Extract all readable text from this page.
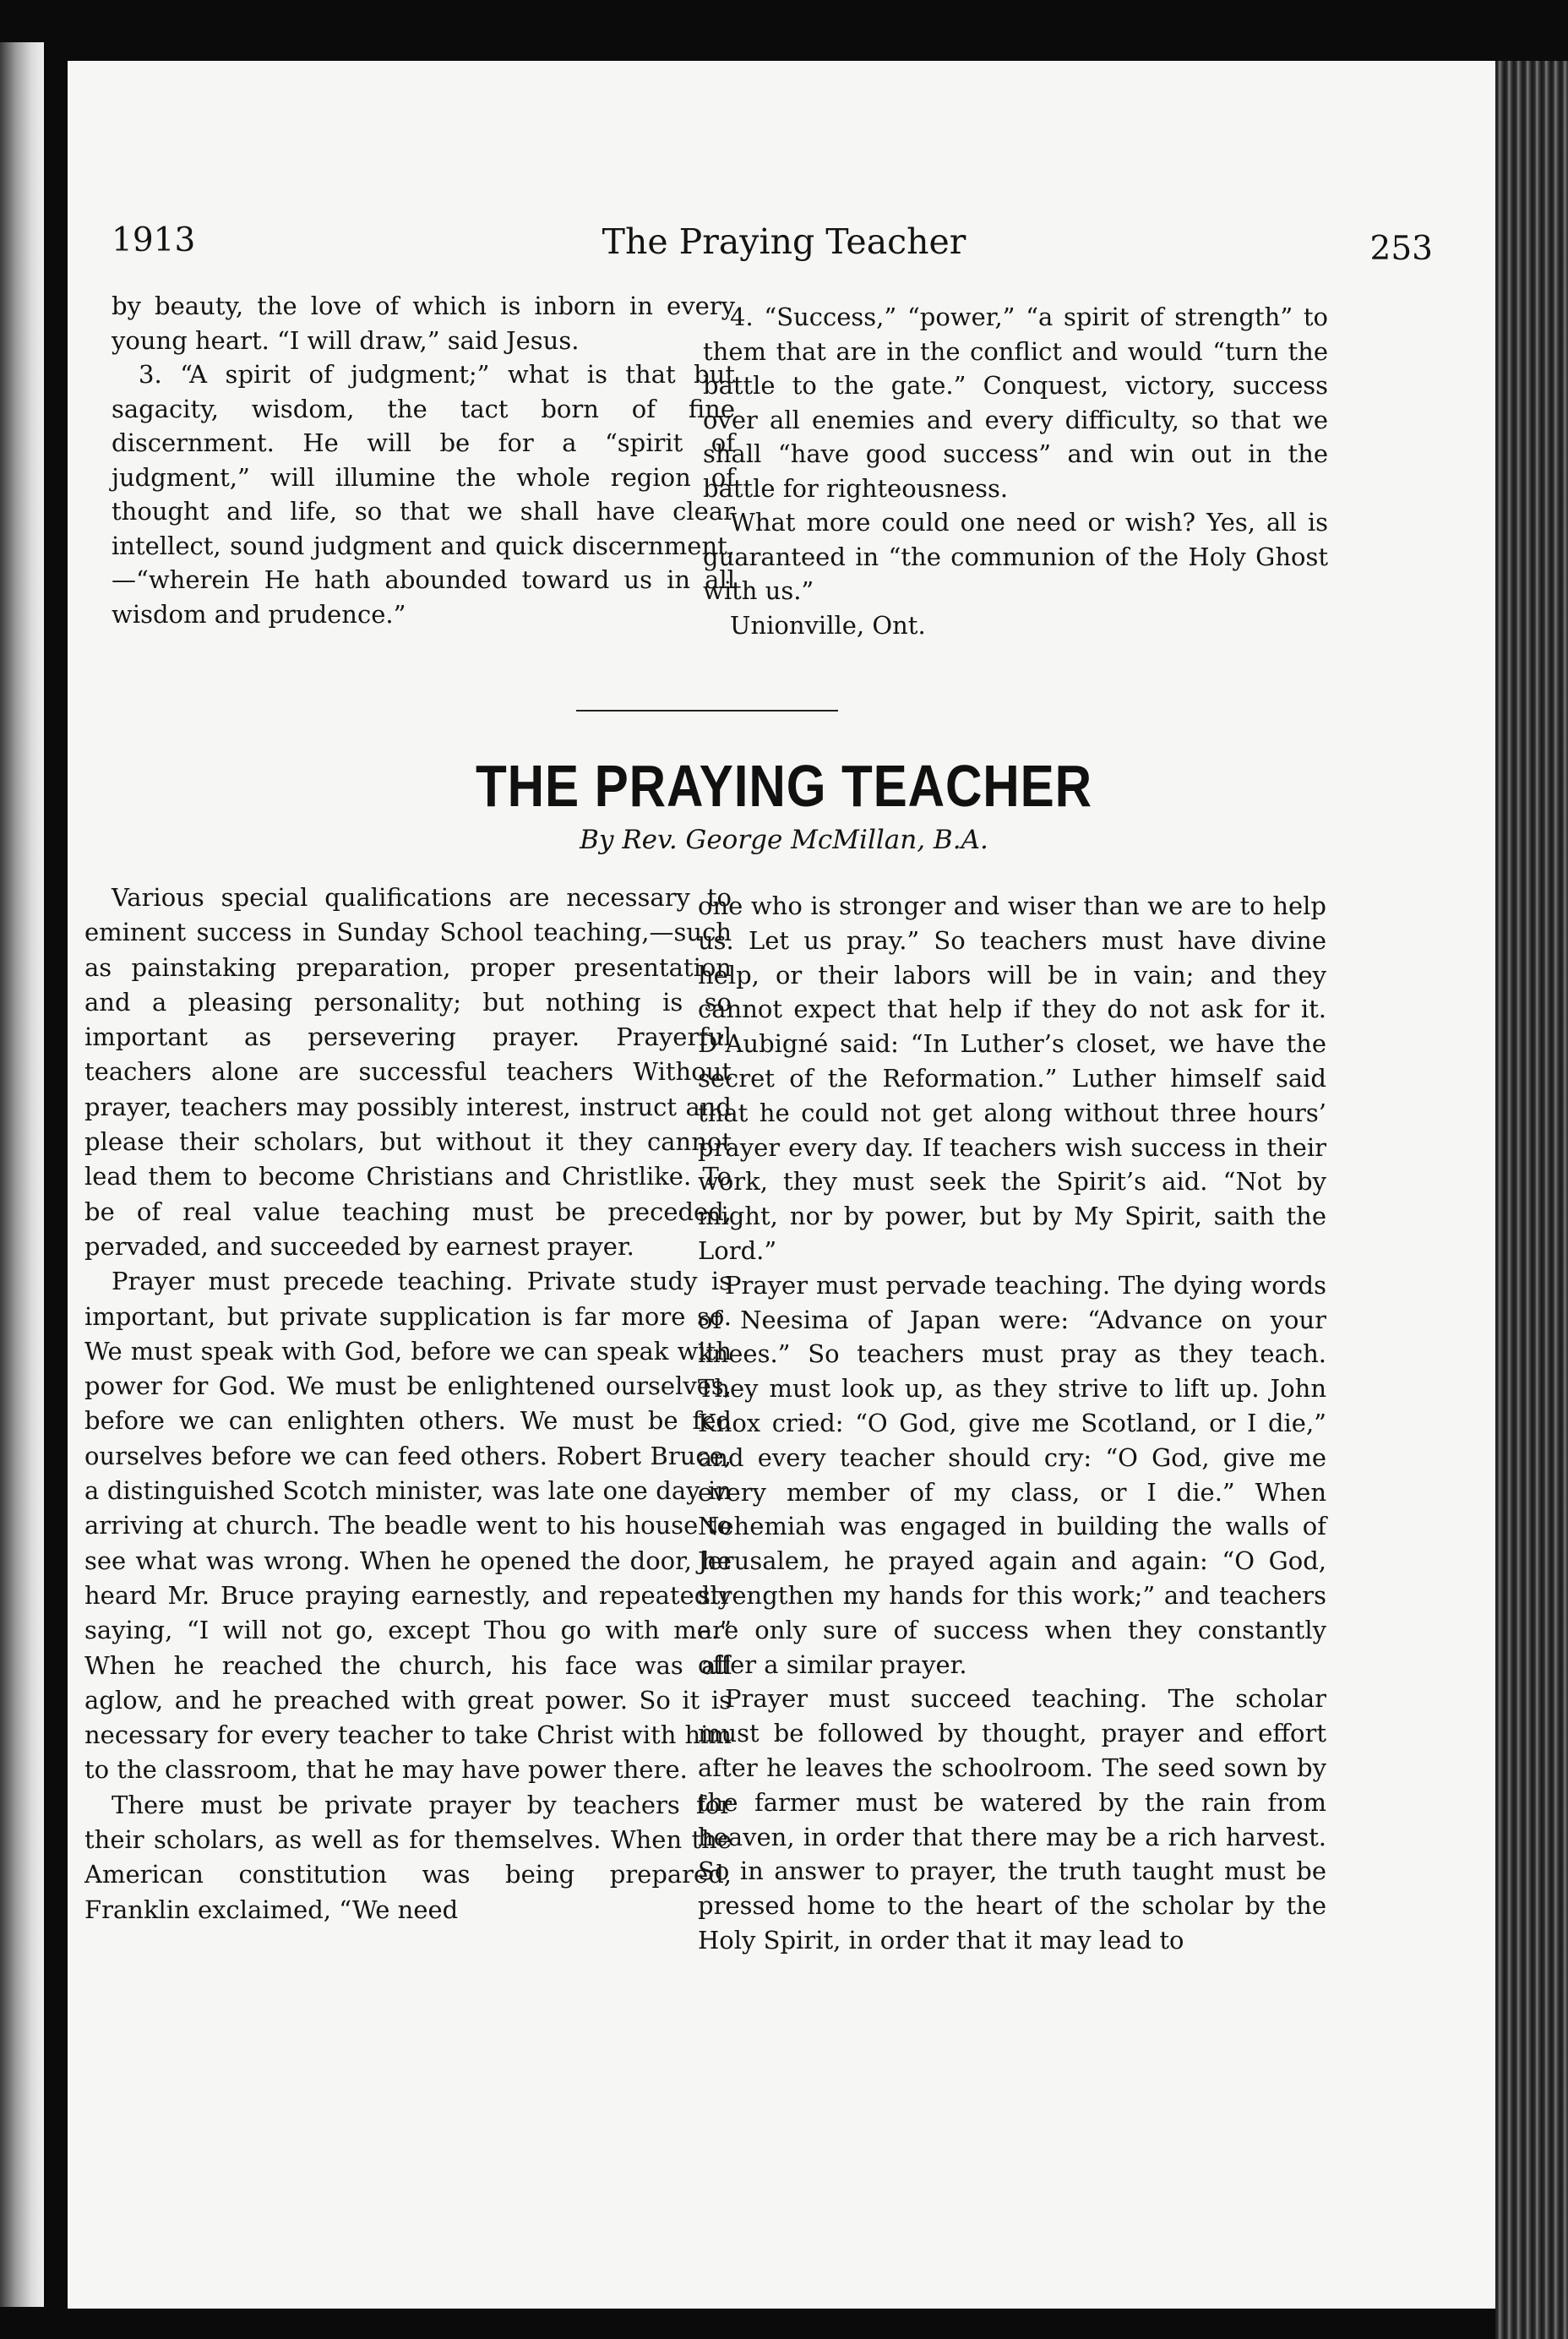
1913	The Praying Teacher	253

by beauty, the love of which is inborn in every young heart. “I will draw,” said Jesus.

3. “A spirit of judgment;” what is that but sagacity, wisdom, the tact born of fine discernment. He will be for a “spirit of judgment,” will illumine the whole region of thought and life, so that we shall have clear intellect, sound judgment and quick discernment,—“wherein He hath abounded toward us in all wisdom and prudence.”

4. “Success,” “power,” “a spirit of strength” to them that are in the conflict and would “turn the battle to the gate.” Conquest, victory, success over all enemies and every difficulty, so that we shall “have good success” and win out in the battle for righteousness.

What more could one need or wish? Yes, all is guaranteed in “the communion of the Holy Ghost with us.”

Unionville, Ont.

THE PRAYING TEACHER
By Rev. George McMillan, B.A.

Various special qualifications are necessary to eminent success in Sunday School teaching,—such as painstaking preparation, proper presentation and a pleasing personality; but nothing is so important as persevering prayer. Prayerful teachers alone are successful teachers Without prayer, teachers may possibly interest, instruct and please their scholars, but without it they cannot lead them to become Christians and Christlike. To be of real value teaching must be preceded, pervaded, and succeeded by earnest prayer.

Prayer must precede teaching. Private study is important, but private supplication is far more so. We must speak with God, before we can speak with power for God. We must be enlightened ourselves, before we can enlighten others. We must be fed ourselves before we can feed others. Robert Bruce, a distinguished Scotch minister, was late one day in arriving at church. The beadle went to his house to see what was wrong. When he opened the door, he heard Mr. Bruce praying earnestly, and repeatedly saying, “I will not go, except Thou go with me.” When he reached the church, his face was all aglow, and he preached with great power. So it is necessary for every teacher to take Christ with him to the classroom, that he may have power there.

There must be private prayer by teachers for their scholars, as well as for themselves. When the American constitution was being prepared, Franklin exclaimed, “We need

one who is stronger and wiser than we are to help us. Let us pray.” So teachers must have divine help, or their labors will be in vain; and they cannot expect that help if they do not ask for it. D’Aubigné said: “In Luther’s closet, we have the secret of the Reformation.” Luther himself said that he could not get along without three hours’ prayer every day. If teachers wish success in their work, they must seek the Spirit’s aid. “Not by might, nor by power, but by My Spirit, saith the Lord.”

Prayer must pervade teaching. The dying words of Neesima of Japan were: “Advance on your knees.” So teachers must pray as they teach. They must look up, as they strive to lift up. John Knox cried: “O God, give me Scotland, or I die,” and every teacher should cry: “O God, give me every member of my class, or I die.” When Nehemiah was engaged in building the walls of Jerusalem, he prayed again and again: “O God, strengthen my hands for this work;” and teachers are only sure of success when they constantly offer a similar prayer.

Prayer must succeed teaching. The scholar must be followed by thought, prayer and effort after he leaves the schoolroom. The seed sown by the farmer must be watered by the rain from heaven, in order that there may be a rich harvest. So in answer to prayer, the truth taught must be pressed home to the heart of the scholar by the Holy Spirit, in order that it may lead to
